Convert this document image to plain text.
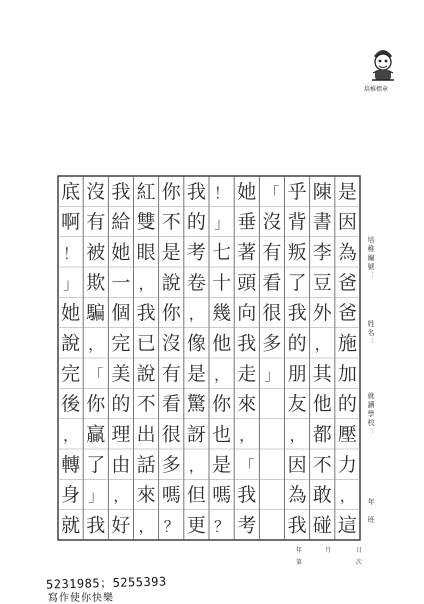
培稚標章
培稚編號：
姓名：
就讀學校：
年　班
是因為爸爸施加的壓力，這
陳書李豆外，其他都不敢碰
乎背叛了我的朋友，因為我
「沒有看很多」
她垂著頭向我走來，「我考
！」七十幾他，你也是嗎？
我的考卷，像是驚訝，但更
你不是說你沒有看很多嗎？
紅雙眼，我已說不出話來，
我給她一個完美的理由，好
沒有被欺騙，「你贏了」我
底啊！」她說完後，轉身就
5231985；5255393
寫作使你快樂
第
年	月	日
次
